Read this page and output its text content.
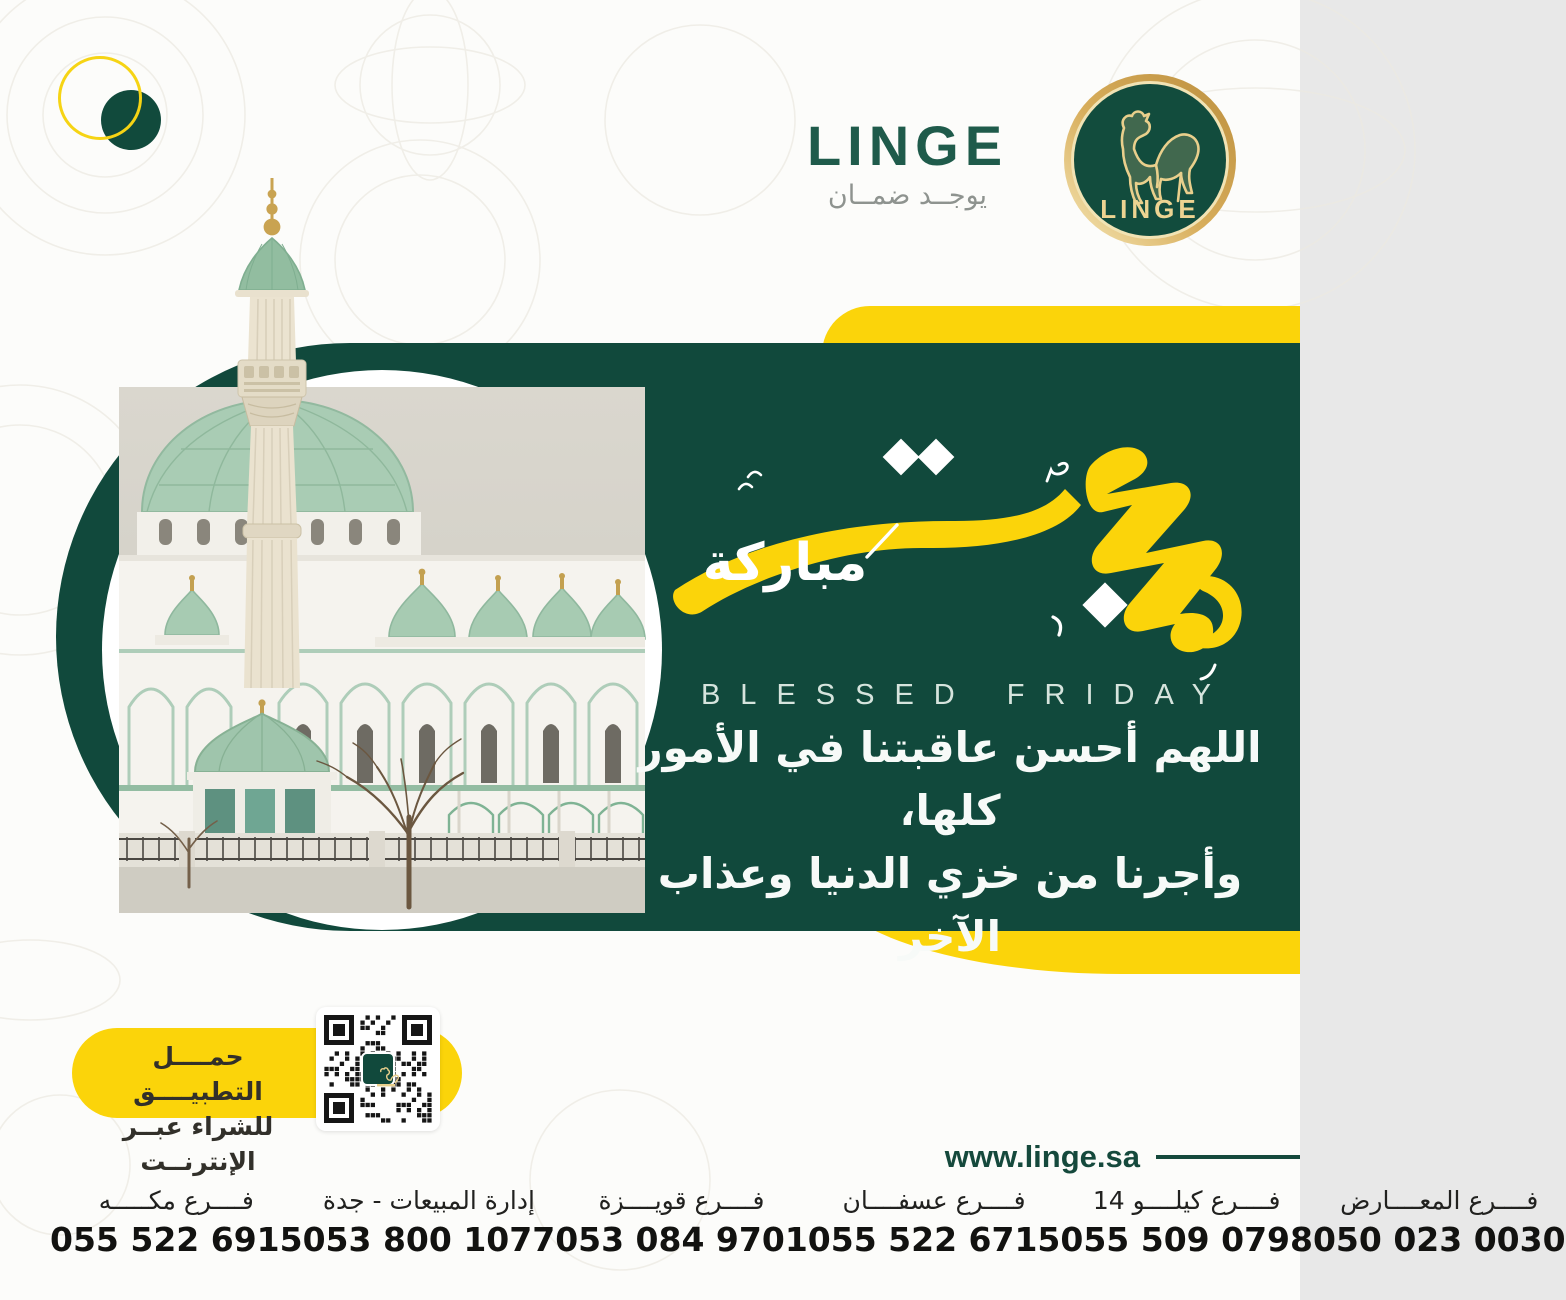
LINGE
يوجــد ضمــان	LINGE
مباركة
BLESSED FRIDAY
اللهم أحسن عاقبتنا في الأمور كلها،
وأجرنا من خزي الدنيا وعذاب الآخر
حمــــل التطبيــــق
للشراء عبــر الإنترنــت	www.linge.sa
فــــرع مكـــــه
055 522 6915
إدارة المبيعات - جدة
053 800 1077
فــــرع قويــــزة
053 084 9701
فــــرع عسفــــان
055 522 6715
فــــرع كيلــــو 14
055 509 0798
فــــرع المعــــارض
050 023 0030
